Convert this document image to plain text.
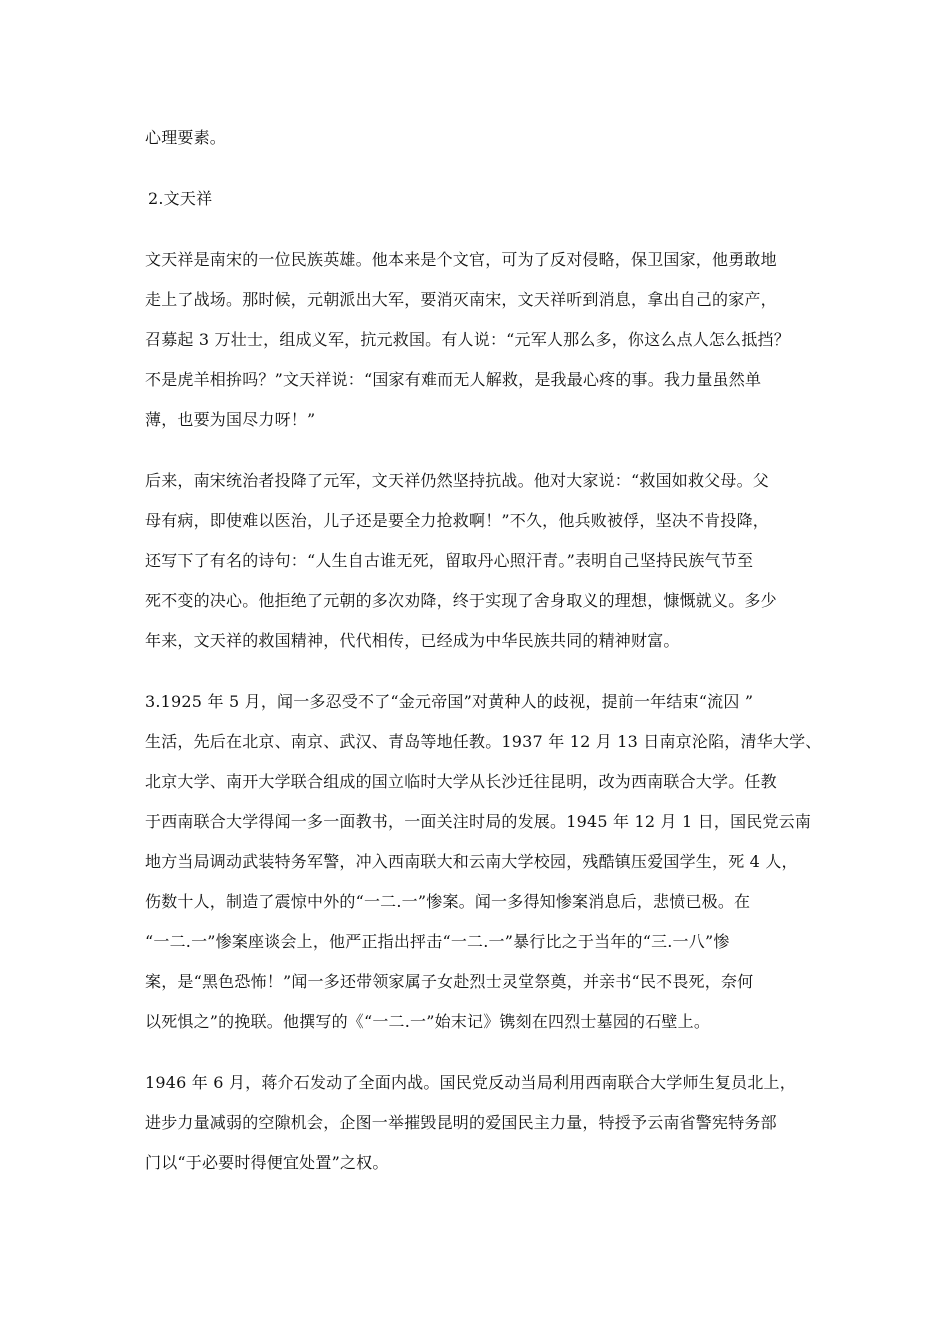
心理要素。
2.文天祥
文天祥是南宋的一位民族英雄。他本来是个文官，可为了反对侵略，保卫国家，他勇敢地
走上了战场。那时候，元朝派出大军，要消灭南宋，文天祥听到消息，拿出自己的家产，
召募起 3 万壮士，组成义军，抗元救国。有人说：“元军人那么多，你这么点人怎么抵挡？
不是虎羊相拚吗？”文天祥说：“国家有难而无人解救，是我最心疼的事。我力量虽然单
薄，也要为国尽力呀！”
后来，南宋统治者投降了元军，文天祥仍然坚持抗战。他对大家说：“救国如救父母。父
母有病，即使难以医治，儿子还是要全力抢救啊！”不久，他兵败被俘，坚决不肯投降，
还写下了有名的诗句：“人生自古谁无死，留取丹心照汗青。”表明自己坚持民族气节至
死不变的决心。他拒绝了元朝的多次劝降，终于实现了舍身取义的理想，慷慨就义。多少
年来，文天祥的救国精神，代代相传，已经成为中华民族共同的精神财富。
3.1925 年 5 月，闻一多忍受不了“金元帝国”对黄种人的歧视，提前一年结束“流囚 ”
生活，先后在北京、南京、武汉、青岛等地任教。1937 年 12 月 13 日南京沦陷，清华大学、
北京大学、南开大学联合组成的国立临时大学从长沙迁往昆明，改为西南联合大学。任教
于西南联合大学得闻一多一面教书，一面关注时局的发展。1945 年 12 月 1 日，国民党云南
地方当局调动武装特务军警，冲入西南联大和云南大学校园，残酷镇压爱国学生，死 4 人，
伤数十人，制造了震惊中外的“一二.一”惨案。闻一多得知惨案消息后，悲愤已极。在
“一二.一”惨案座谈会上，他严正指出抨击“一二.一”暴行比之于当年的“三.一八”惨
案，是“黑色恐怖！”闻一多还带领家属子女赴烈士灵堂祭奠，并亲书“民不畏死，奈何
以死惧之”的挽联。他撰写的《“一二.一”始末记》镌刻在四烈士墓园的石壁上。
1946 年 6 月，蒋介石发动了全面内战。国民党反动当局利用西南联合大学师生复员北上，
进步力量减弱的空隙机会，企图一举摧毁昆明的爱国民主力量，特授予云南省警宪特务部
门以“于必要时得便宜处置”之权。
